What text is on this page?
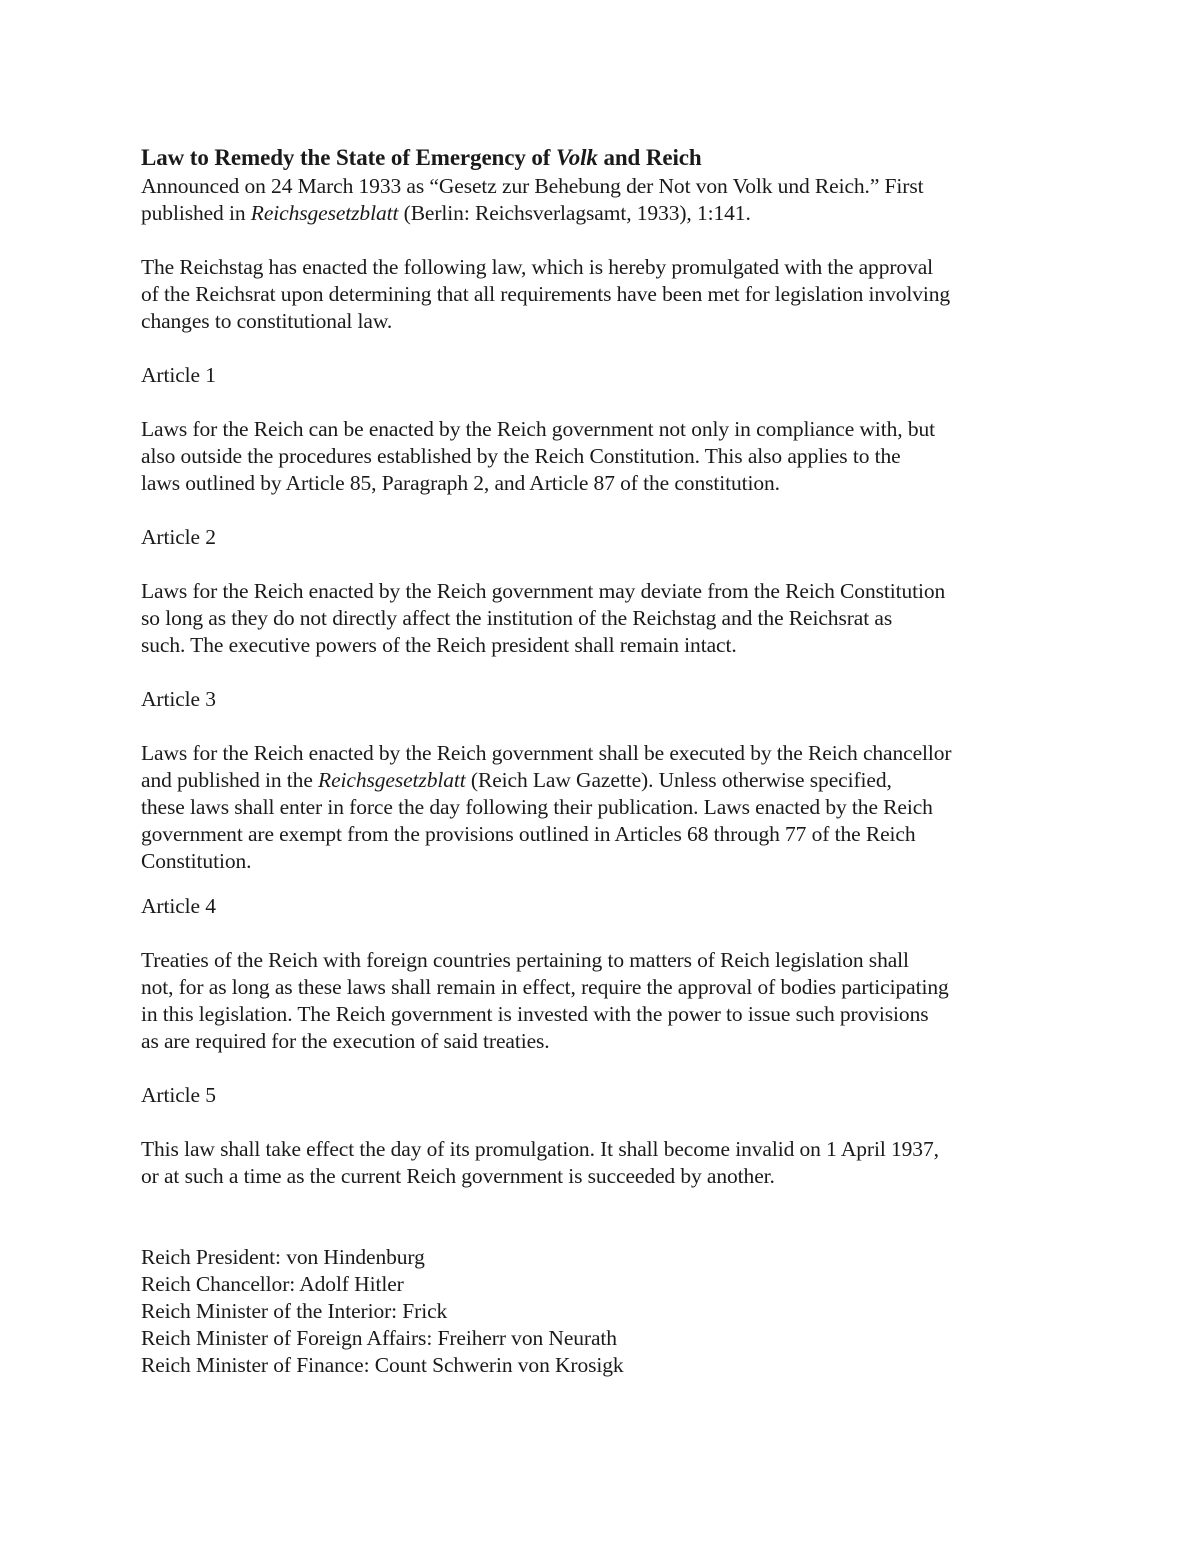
Law to Remedy the State of Emergency of Volk and Reich

Announced on 24 March 1933 as “Gesetz zur Behebung der Not von Volk und Reich.” First
published in Reichsgesetzblatt (Berlin: Reichsverlagsamt, 1933), 1:141.

The Reichstag has enacted the following law, which is hereby promulgated with the approval
of the Reichsrat upon determining that all requirements have been met for legislation involving
changes to constitutional law.

Article 1

Laws for the Reich can be enacted by the Reich government not only in compliance with, but
also outside the procedures established by the Reich Constitution. This also applies to the
laws outlined by Article 85, Paragraph 2, and Article 87 of the constitution.

Article 2

Laws for the Reich enacted by the Reich government may deviate from the Reich Constitution
so long as they do not directly affect the institution of the Reichstag and the Reichsrat as
such. The executive powers of the Reich president shall remain intact.

Article 3

Laws for the Reich enacted by the Reich government shall be executed by the Reich chancellor
and published in the Reichsgesetzblatt (Reich Law Gazette). Unless otherwise specified,
these laws shall enter in force the day following their publication. Laws enacted by the Reich
government are exempt from the provisions outlined in Articles 68 through 77 of the Reich
Constitution.

Article 4

Treaties of the Reich with foreign countries pertaining to matters of Reich legislation shall
not, for as long as these laws shall remain in effect, require the approval of bodies participating
in this legislation. The Reich government is invested with the power to issue such provisions
as are required for the execution of said treaties.

Article 5

This law shall take effect the day of its promulgation. It shall become invalid on 1 April 1937,
or at such a time as the current Reich government is succeeded by another.

Reich President: von Hindenburg
Reich Chancellor: Adolf Hitler
Reich Minister of the Interior: Frick
Reich Minister of Foreign Affairs: Freiherr von Neurath
Reich Minister of Finance: Count Schwerin von Krosigk
